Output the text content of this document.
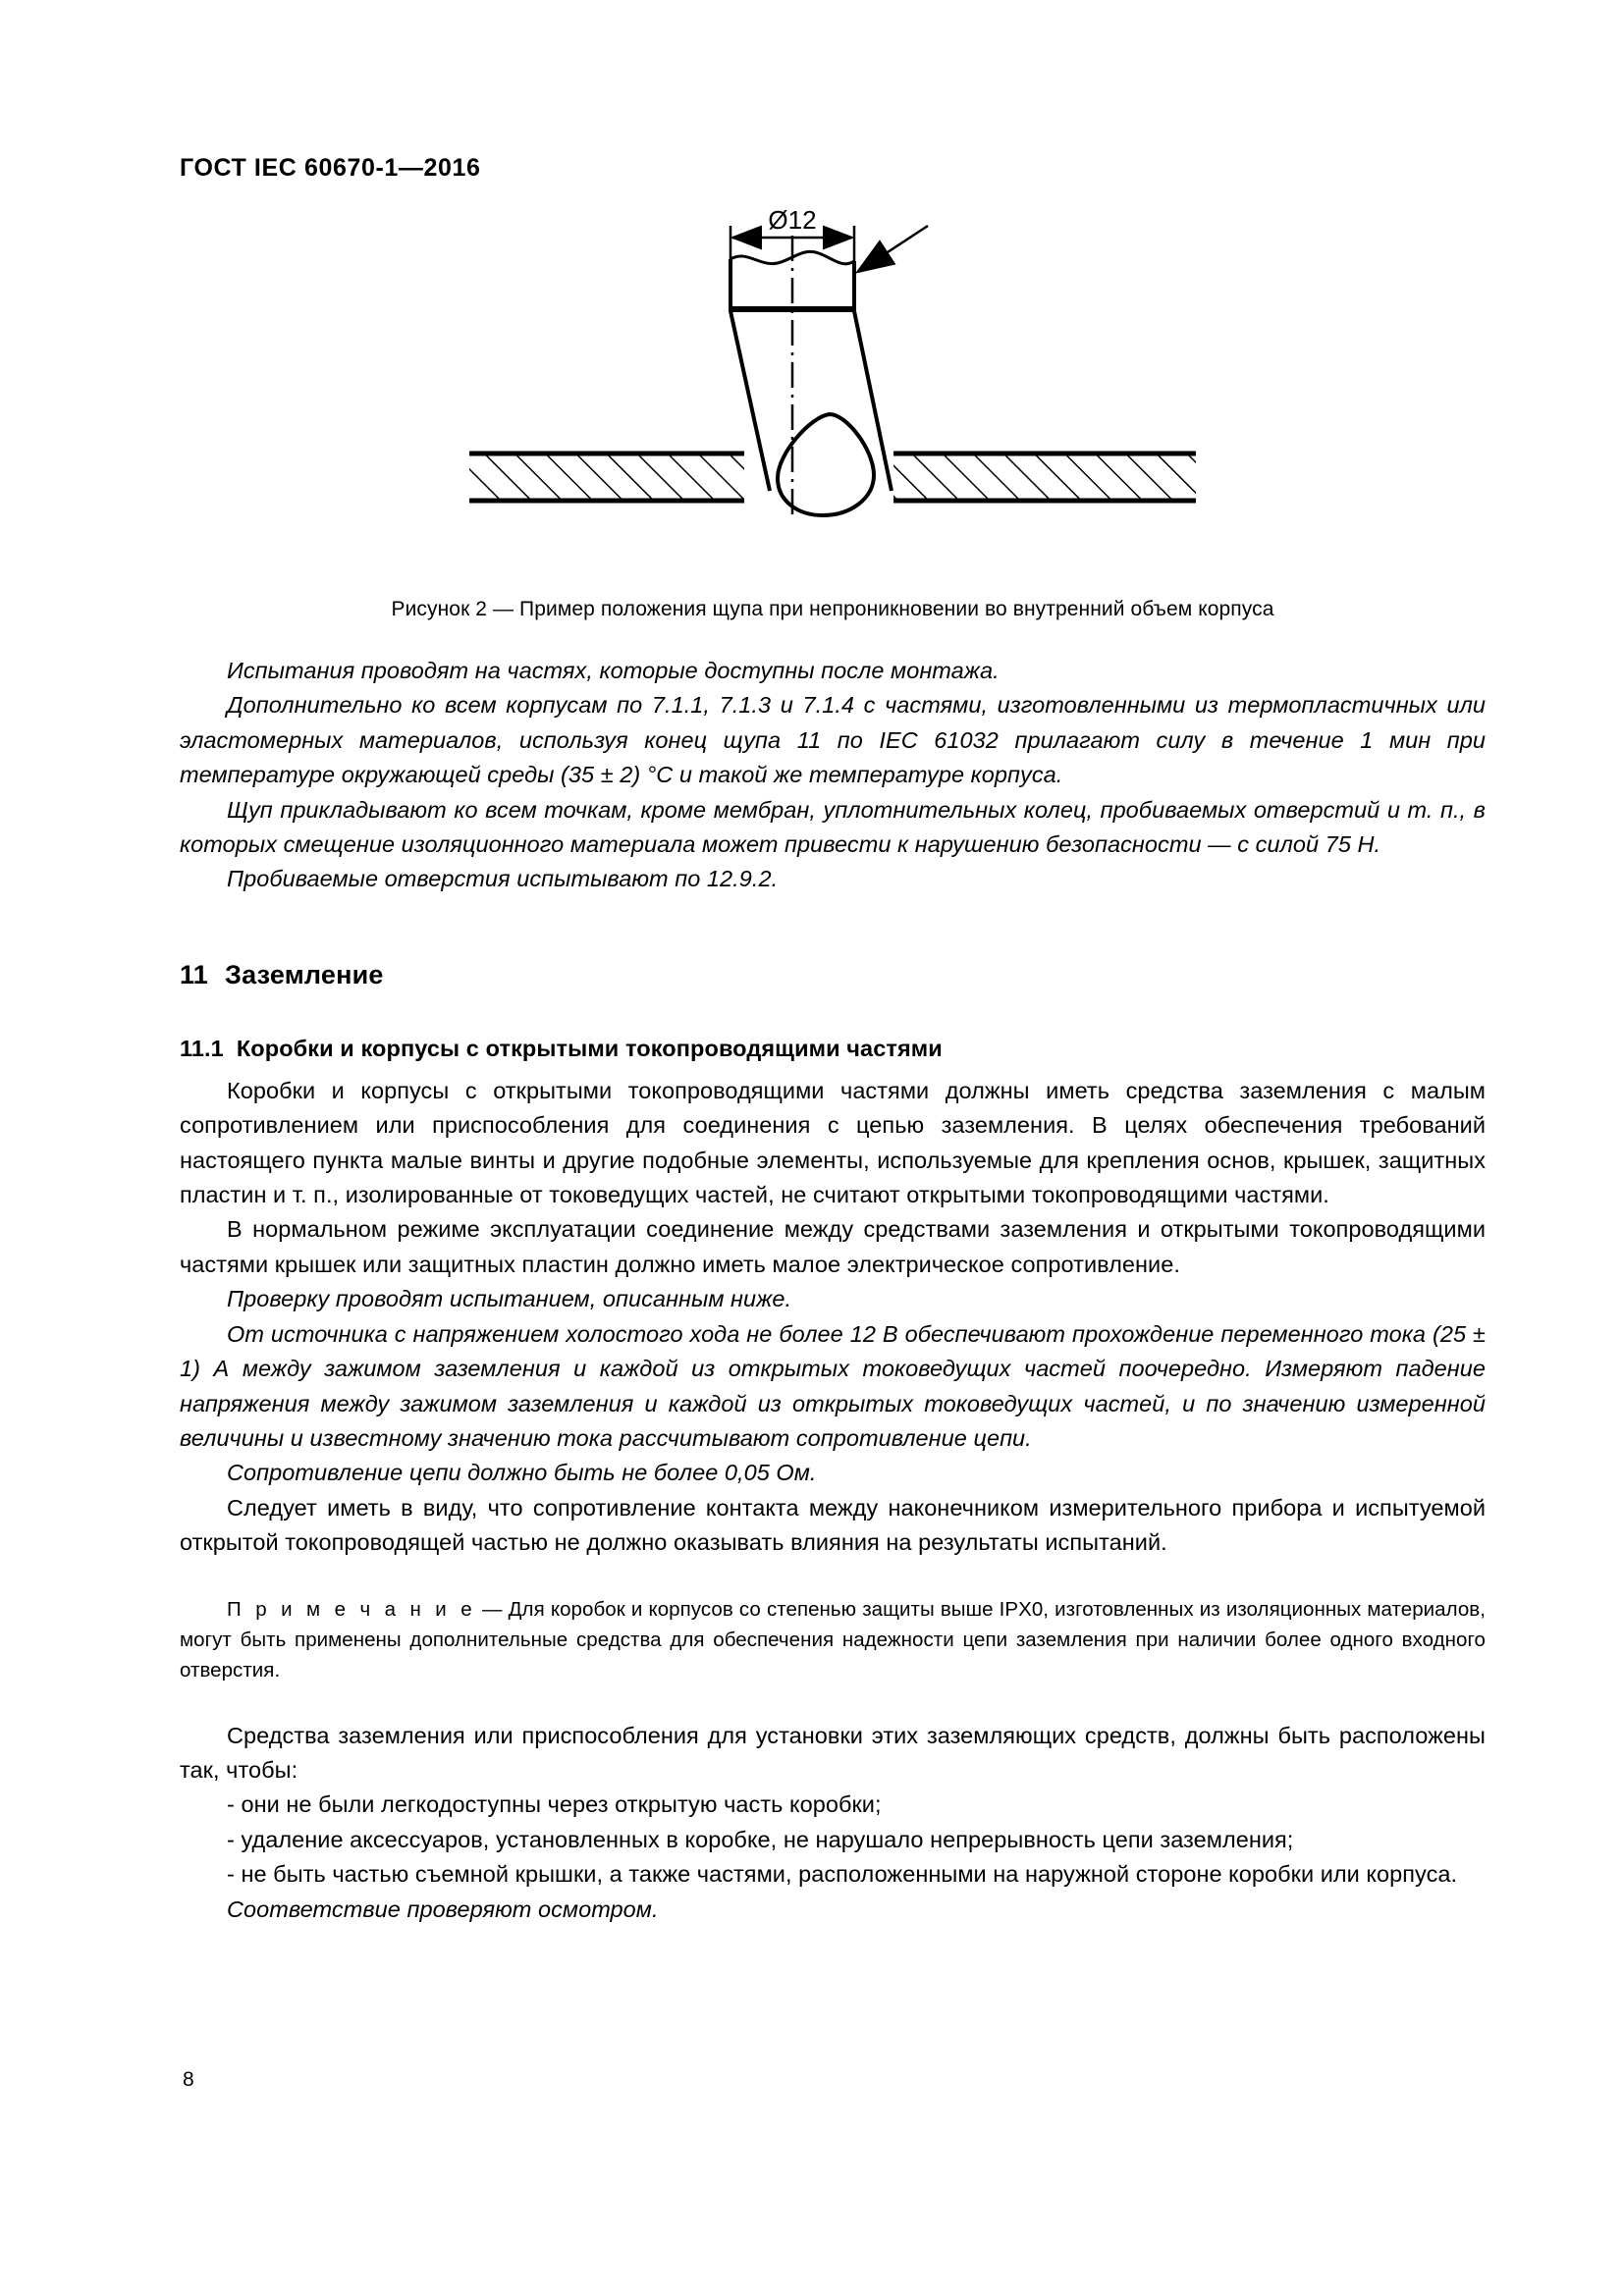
ГОСТ IEC 60670-1—2016
Ø12
Рисунок 2 — Пример положения щупа при непроникновении во внутренний объем корпуса

Испытания проводят на частях, которые доступны после монтажа.

Дополнительно ко всем корпусам по 7.1.1, 7.1.3 и 7.1.4 с частями, изготовленными из термопластичных или эластомерных материалов, используя конец щупа 11 по IEC 61032 прилагают силу в течение 1 мин при температуре окружающей среды (35 ± 2) °С и такой же температуре корпуса.

Щуп прикладывают ко всем точкам, кроме мембран, уплотнительных колец, пробиваемых отверстий и т. п., в которых смещение изоляционного материала может привести к нарушению безопасности — с силой 75 Н.

Пробиваемые отверстия испытывают по 12.9.2.

11 Заземление
11.1 Коробки и корпусы с открытыми токопроводящими частями

Коробки и корпусы с открытыми токопроводящими частями должны иметь средства заземления с малым сопротивлением или приспособления для соединения с цепью заземления. В целях обеспечения требований настоящего пункта малые винты и другие подобные элементы, используемые для крепления основ, крышек, защитных пластин и т. п., изолированные от токоведущих частей, не считают открытыми токопроводящими частями.

В нормальном режиме эксплуатации соединение между средствами заземления и открытыми токопроводящими частями крышек или защитных пластин должно иметь малое электрическое сопротивление.

Проверку проводят испытанием, описанным ниже.

От источника с напряжением холостого хода не более 12 В обеспечивают прохождение переменного тока (25 ± 1) А между зажимом заземления и каждой из открытых токоведущих частей поочередно. Измеряют падение напряжения между зажимом заземления и каждой из открытых токоведущих частей, и по значению измеренной величины и известному значению тока рассчитывают сопротивление цепи.

Сопротивление цепи должно быть не более 0,05 Ом.

Следует иметь в виду, что сопротивление контакта между наконечником измерительного прибора и испытуемой открытой токопроводящей частью не должно оказывать влияния на результаты испытаний.

П р и м е ч а н и е — Для коробок и корпусов со степенью защиты выше IPX0, изготовленных из изоляционных материалов, могут быть применены дополнительные средства для обеспечения надежности цепи заземления при наличии более одного входного отверстия.

Средства заземления или приспособления для установки этих заземляющих средств, должны быть расположены так, чтобы:

- они не были легкодоступны через открытую часть коробки;

- удаление аксессуаров, установленных в коробке, не нарушало непрерывность цепи заземления;

- не быть частью съемной крышки, а также частями, расположенными на наружной стороне коробки или корпуса.

Соответствие проверяют осмотром.

8
